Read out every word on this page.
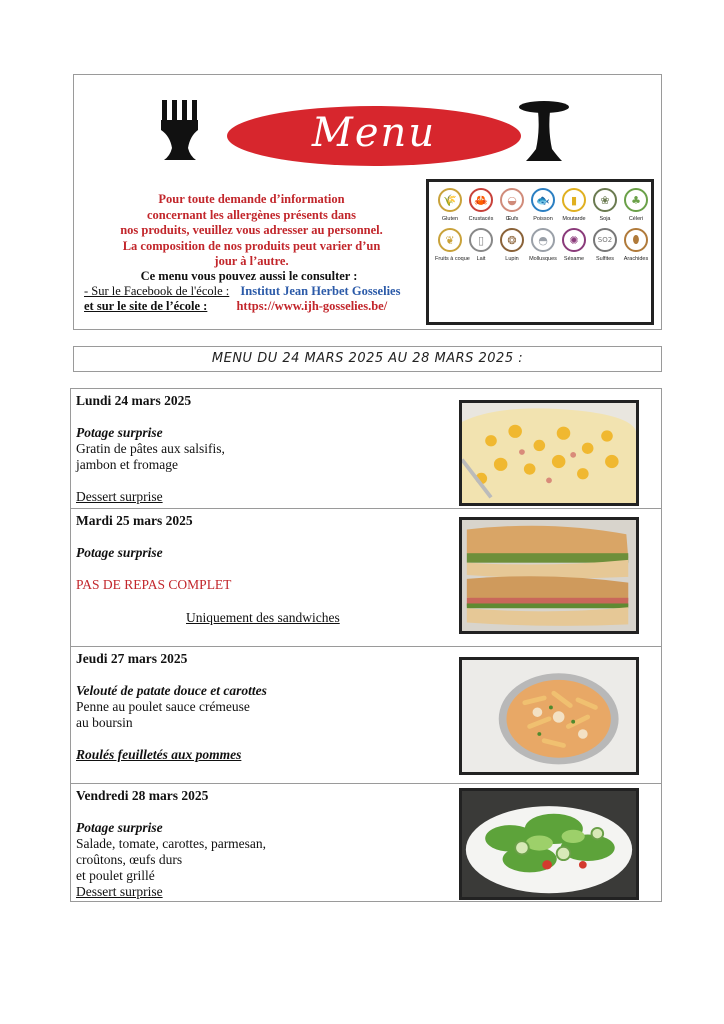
Menu
Pour toute demande d’information
concernant les allergènes présents dans
nos produits, veuillez vous adresser au personnel.
La composition de nos produits peut varier d’un
jour à l’autre.
Ce menu vous pouvez aussi le consulter :
- Sur le Facebook de l'école : Institut Jean Herbet Gosselies
et sur le site de l’école : https://www.ijh-gosselies.be/
🌾
Gluten
🦀
Crustacés
◒
Œufs
🐟
Poisson
▮
Moutarde
❀
Soja
♣
Céleri
❦
Fruits à coque
▯
Lait
❂
Lupin
◓
Mollusques
✺
Sésame
SO2
Sulfites
⬮
Arachides
MENU DU 24 MARS 2025 AU 28 MARS 2025 :
Lundi 24 mars 2025
Potage surprise
Gratin de pâtes aux salsifis,
jambon et fromage
Dessert surprise
Mardi 25 mars 2025
Potage surprise
PAS DE REPAS COMPLET
Uniquement des sandwiches
Jeudi 27 mars 2025
Velouté de patate douce et carottes
Penne au poulet sauce crémeuse
au boursin
Roulés feuilletés aux pommes
Vendredi 28 mars 2025
Potage surprise
Salade, tomate, carottes, parmesan,
croûtons, œufs durs
et poulet grillé
Dessert surprise
